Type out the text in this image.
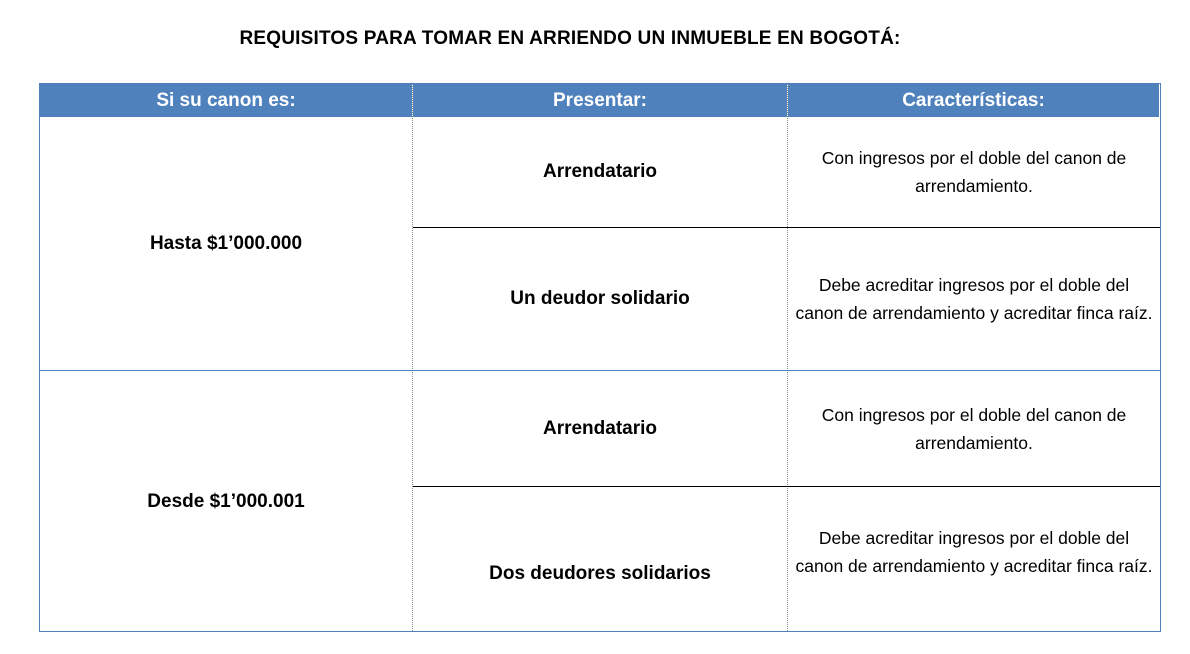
REQUISITOS PARA TOMAR EN ARRIENDO UN INMUEBLE EN BOGOTÁ:
Si su canon es:	Presentar:	Características:
Hasta $1’000.000
Arrendatario
Con ingresos por el doble del canon de arrendamiento.
Un deudor solidario
Debe acreditar ingresos por el doble del canon de arrendamiento y acreditar finca raíz.
Desde $1’000.001
Arrendatario
Con ingresos por el doble del canon de arrendamiento.
Dos deudores solidarios
Debe acreditar ingresos por el doble del canon de arrendamiento y acreditar finca raíz.
